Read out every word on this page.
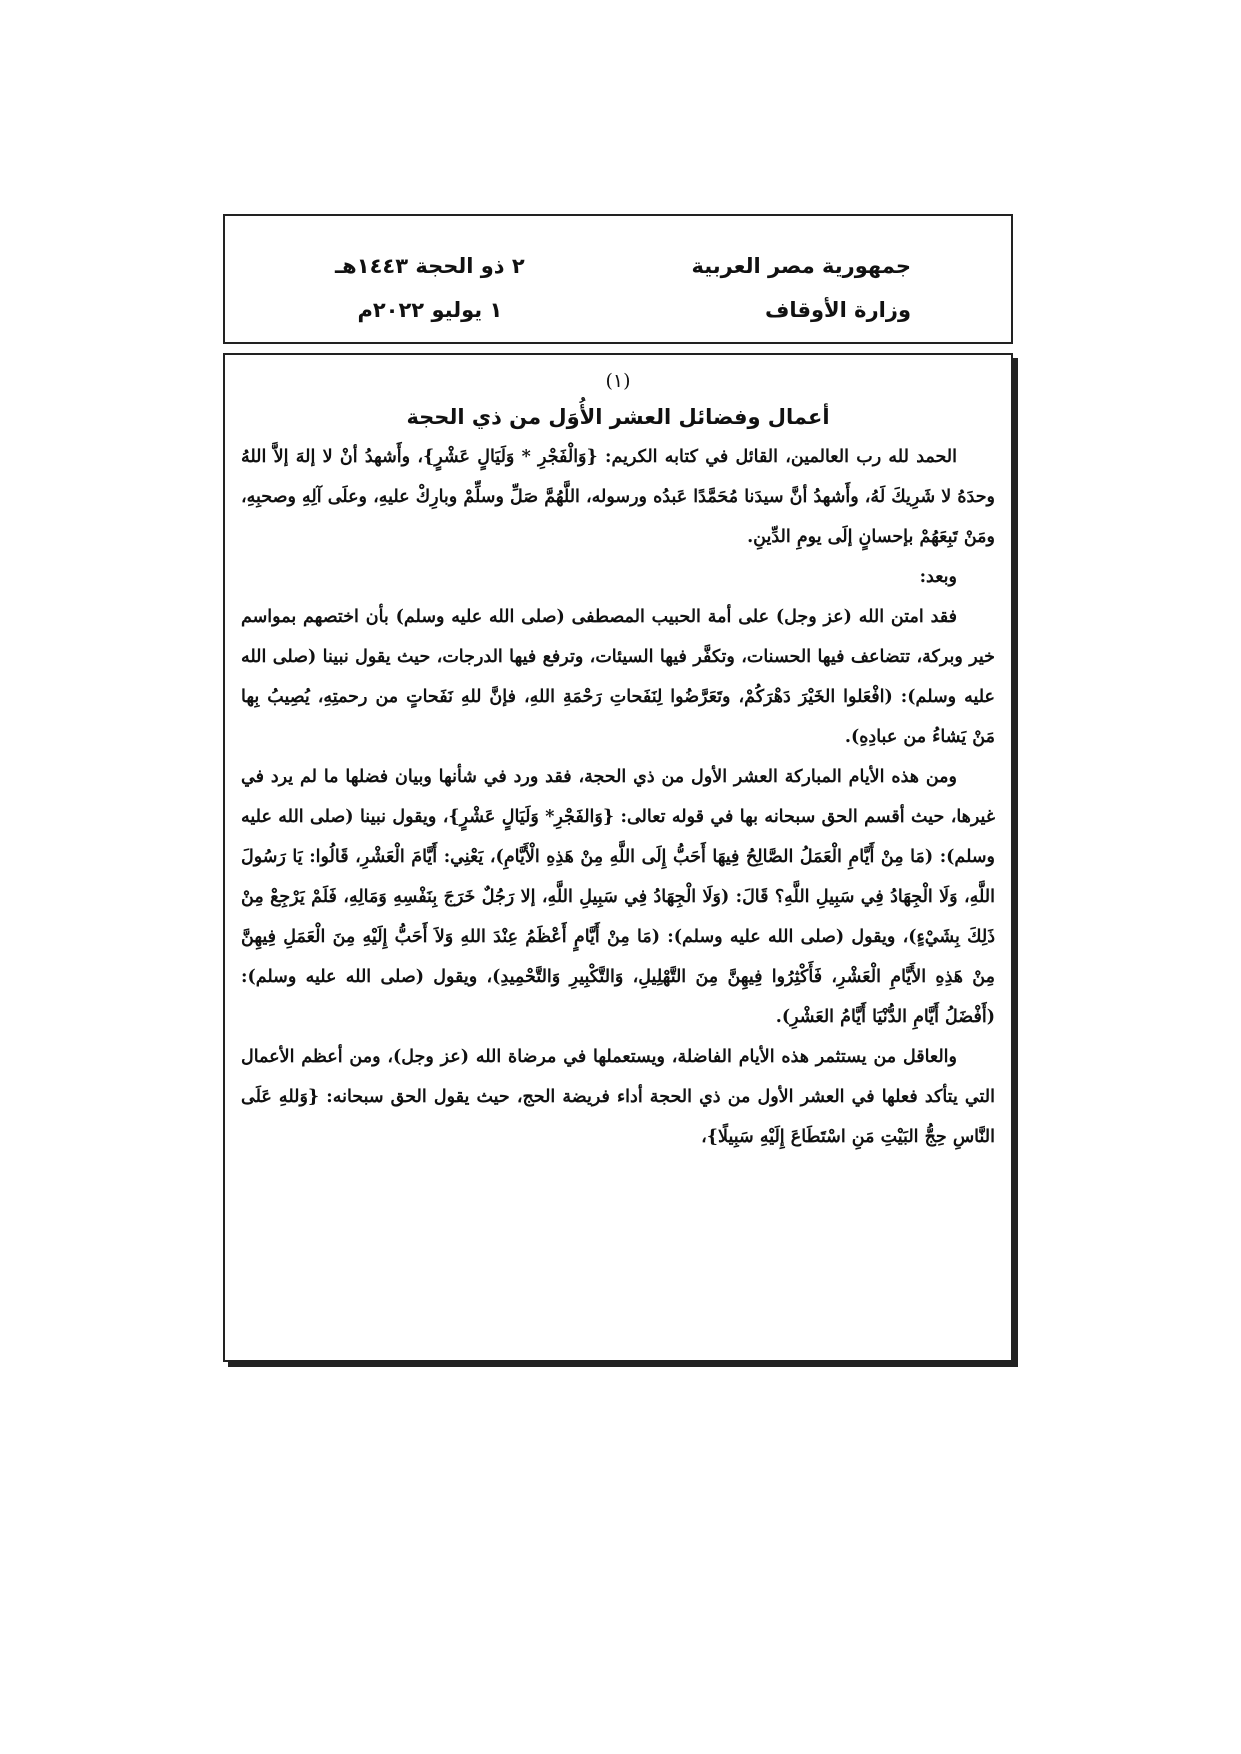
جمهورية مصر العربية
وزارة الأوقاف
٢ ذو الحجة ١٤٤٣هـ
١ يوليو ٢٠٢٢م
(١)
أعمال وفضائل العشر الأُوَل من ذي الحجة

الحمد لله رب العالمين، القائل في كتابه الكريم: {وَالْفَجْرِ * وَلَيَالٍ عَشْرٍ}، وأَشهدُ أنْ لا إلهَ إلاَّ اللهُ وحدَهُ لا شَرِيكَ لَهُ، وأَشهدُ أنَّ سيدَنا مُحَمَّدًا عَبدُه ورسوله، اللَّهُمَّ صَلِّ وسلِّمْ وبارِكْ عليهِ، وعلَى آلِهِ وصحبِهِ، ومَنْ تَبِعَهُمْ بإحسانٍ إلَى يومِ الدِّينِ.

وبعد:

فقد امتن الله (عز وجل) على أمة الحبيب المصطفى (صلى الله عليه وسلم) بأن اختصهم بمواسم خير وبركة، تتضاعف فيها الحسنات، وتكفَّر فيها السيئات، وترفع فيها الدرجات، حيث يقول نبينا (صلى الله عليه وسلم): (افْعَلوا الخَيْرَ دَهْرَكُمْ، وتَعَرَّضُوا لِنَفَحاتِ رَحْمَةِ اللهِ، فإنَّ للهِ نَفَحاتٍ من رحمتِهِ، يُصِيبُ بِها مَنْ يَشاءُ من عبادِهِ).

ومن هذه الأيام المباركة العشر الأول من ذي الحجة، فقد ورد في شأنها وبيان فضلها ما لم يرد في غيرها، حيث أقسم الحق سبحانه بها في قوله تعالى: {وَالفَجْرِ* وَلَيَالٍ عَشْرٍ}، ويقول نبينا (صلى الله عليه وسلم): (مَا مِنْ أَيَّامِ الْعَمَلُ الصَّالِحُ فِيهَا أَحَبُّ إِلَى اللَّهِ مِنْ هَذِهِ الْأَيَّامِ)، يَعْنِي: أَيَّامَ الْعَشْرِ، قَالُوا: يَا رَسُولَ اللَّهِ، وَلَا الْجِهَادُ فِي سَبِيلِ اللَّهِ؟ قَالَ: (وَلَا الْجِهَادُ فِي سَبِيلِ اللَّهِ، إلا رَجُلٌ خَرَجَ بِنَفْسِهِ وَمَالِهِ، فَلَمْ يَرْجِعْ مِنْ ذَلِكَ بِشَيْءٍ)، ويقول (صلى الله عليه وسلم): (مَا مِنْ أَيَّامٍ أَعْظَمُ عِنْدَ اللهِ وَلاَ أَحَبُّ إِلَيْهِ مِنَ الْعَمَلِ فِيهِنَّ مِنْ هَذِهِ الأَيَّامِ الْعَشْرِ، فَأَكْثِرُوا فِيهِنَّ مِنَ التَّهْلِيلِ، وَالتَّكْبِيرِ وَالتَّحْمِيدِ)، ويقول (صلى الله عليه وسلم): (أَفْضَلُ أَيَّامِ الدُّنْيَا أَيَّامُ العَشْرِ).

والعاقل من يستثمر هذه الأيام الفاضلة، ويستعملها في مرضاة الله (عز وجل)، ومن أعظم الأعمال التي يتأكد فعلها في العشر الأول من ذي الحجة أداء فريضة الحج، حيث يقول الحق سبحانه: {وَللهِ عَلَى النَّاسِ حِجُّ البَيْتِ مَنِ اسْتَطَاعَ إِلَيْهِ سَبِيلًا}،
